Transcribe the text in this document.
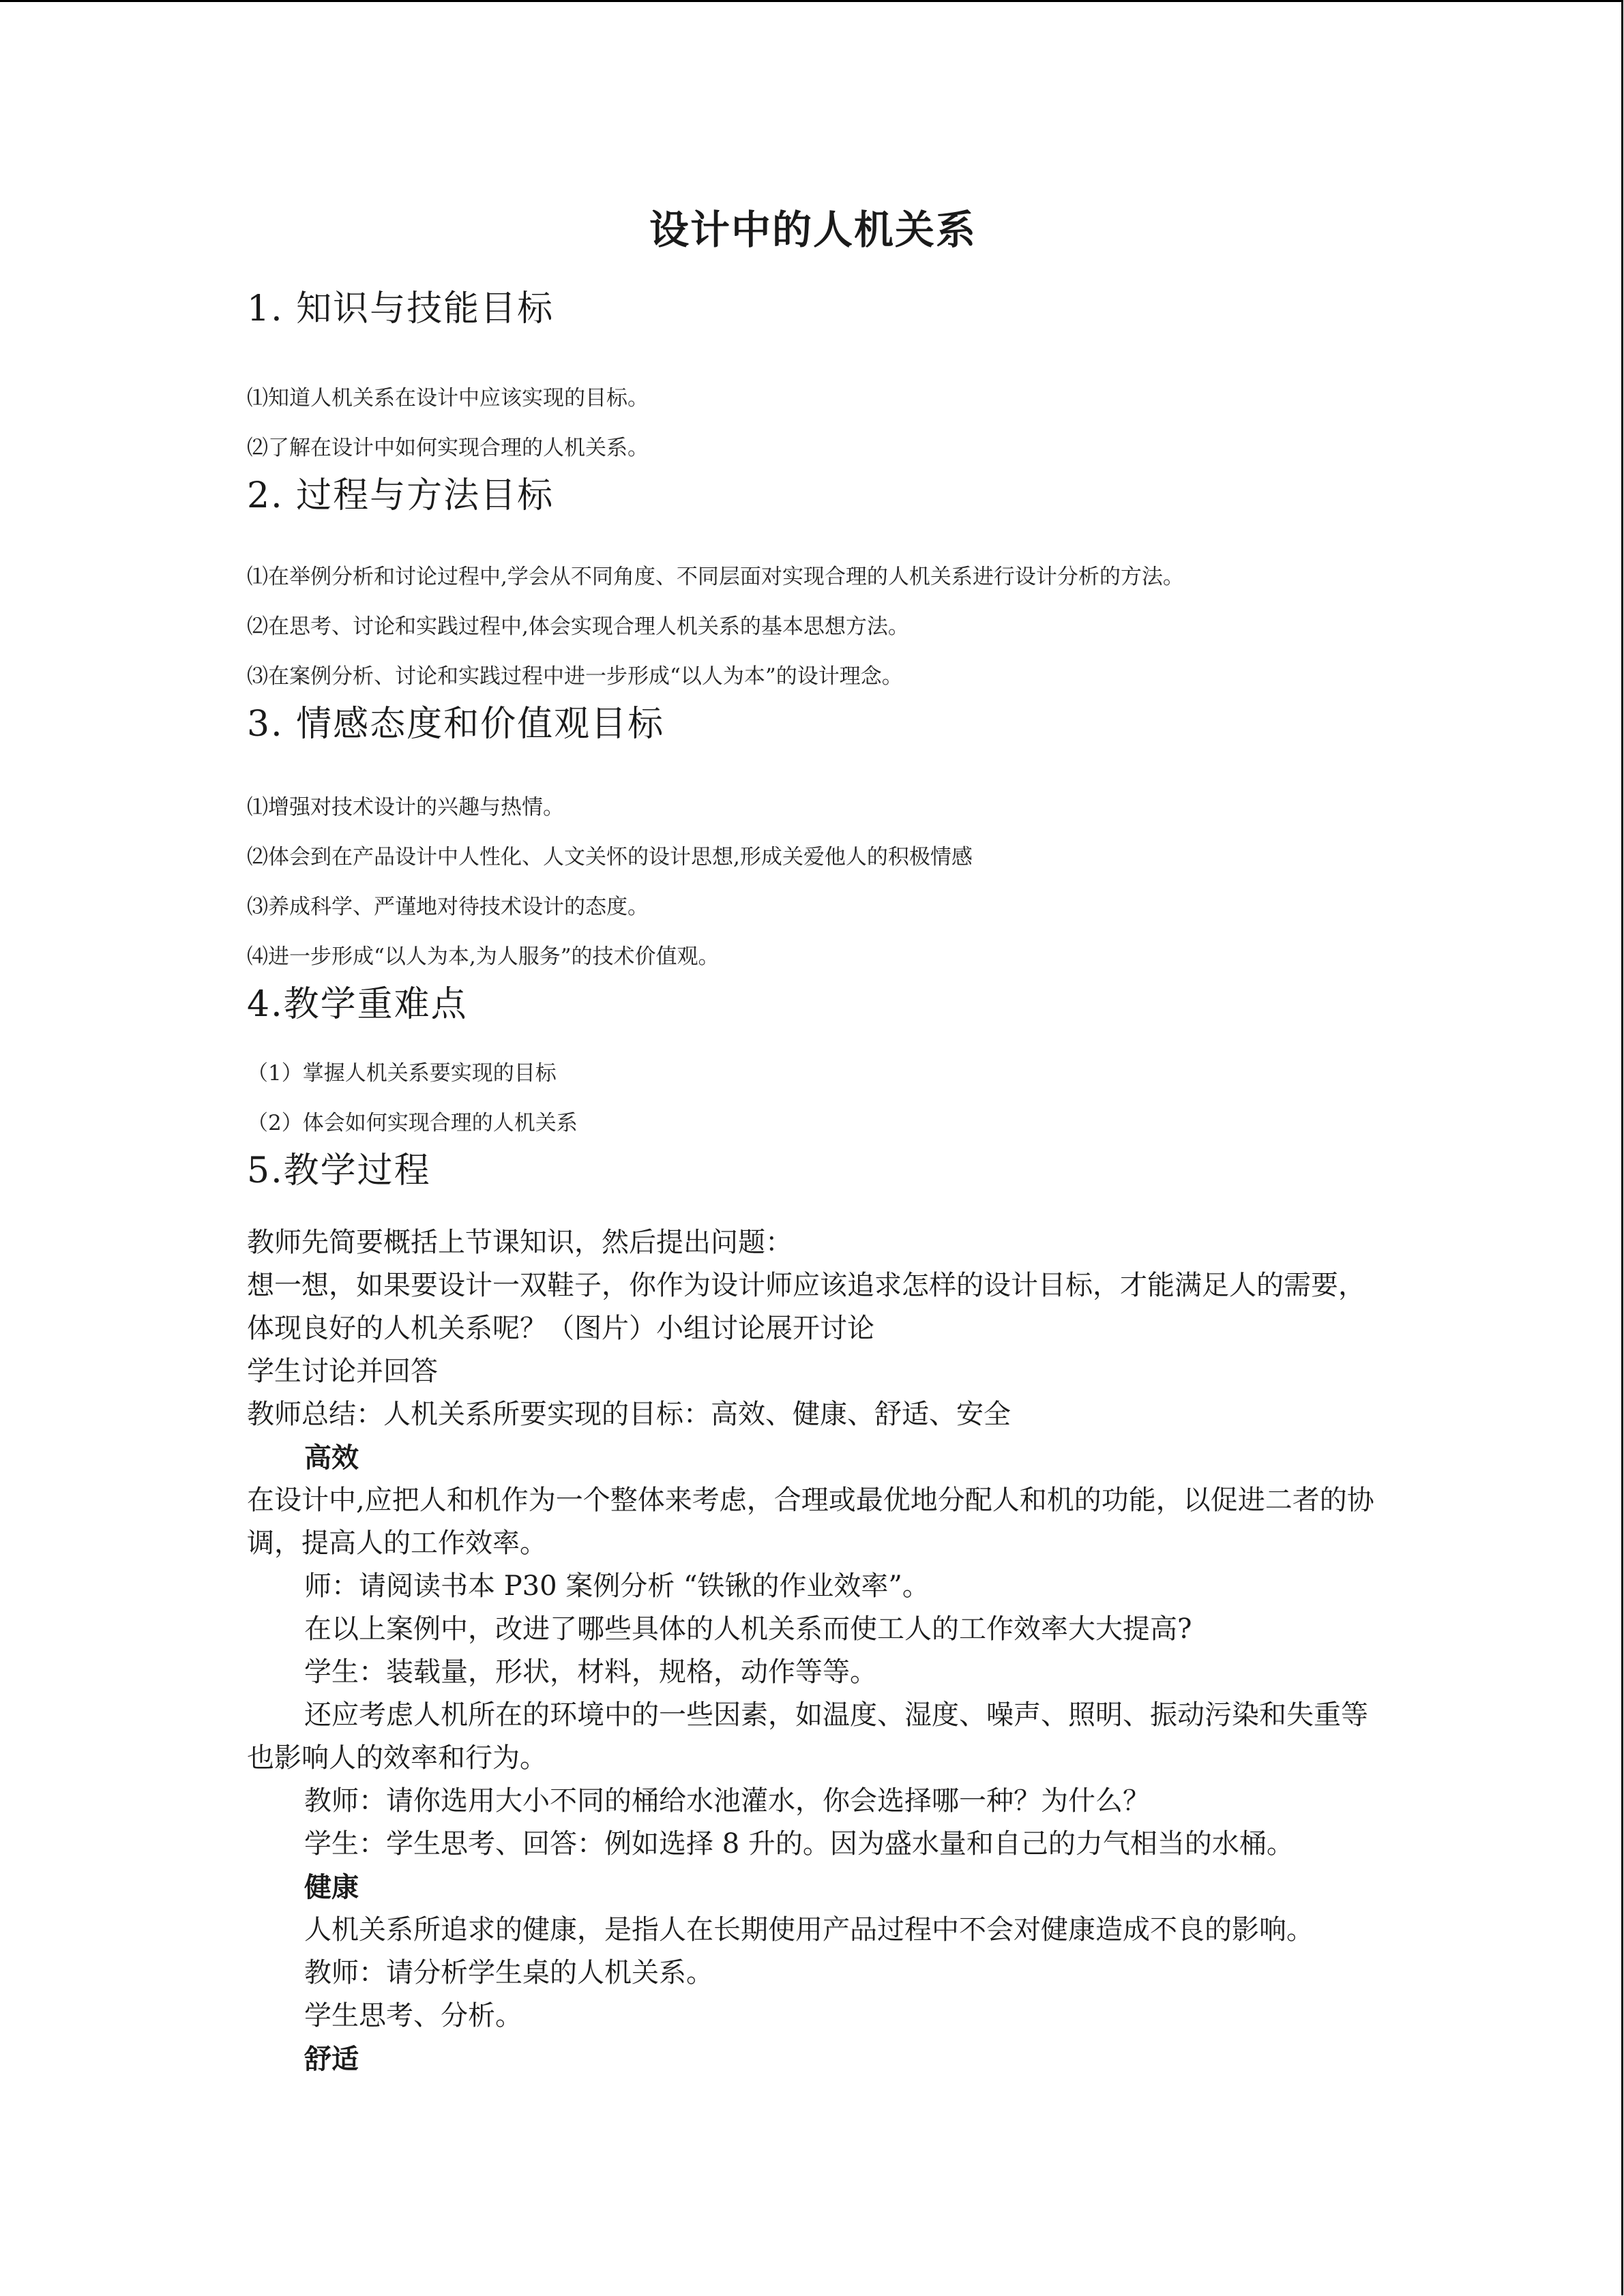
设计中的人机关系
1. 知识与技能目标
⑴知道人机关系在设计中应该实现的目标。
⑵了解在设计中如何实现合理的人机关系。
2. 过程与方法目标
⑴在举例分析和讨论过程中,学会从不同角度、不同层面对实现合理的人机关系进行设计分析的方法。
⑵在思考、讨论和实践过程中,体会实现合理人机关系的基本思想方法。
⑶在案例分析、讨论和实践过程中进一步形成“以人为本”的设计理念。
3. 情感态度和价值观目标
⑴增强对技术设计的兴趣与热情。
⑵体会到在产品设计中人性化、人文关怀的设计思想,形成关爱他人的积极情感
⑶养成科学、严谨地对待技术设计的态度。
⑷进一步形成“以人为本,为人服务”的技术价值观。
4.教学重难点
（1）掌握人机关系要实现的目标
（2）体会如何实现合理的人机关系
5.教学过程

教师先简要概括上节课知识，然后提出问题：

想一想，如果要设计一双鞋子，你作为设计师应该追求怎样的设计目标，才能满足人的需要，体现良好的人机关系呢？（图片）小组讨论展开讨论

学生讨论并回答

教师总结：人机关系所要实现的目标：高效、健康、舒适、安全

高效

在设计中,应把人和机作为一个整体来考虑，合理或最优地分配人和机的功能，以促进二者的协调，提高人的工作效率。

师：请阅读书本 P30 案例分析 “铁锹的作业效率”。

在以上案例中，改进了哪些具体的人机关系而使工人的工作效率大大提高?

学生：装载量，形状，材料，规格，动作等等。

还应考虑人机所在的环境中的一些因素，如温度、湿度、噪声、照明、振动污染和失重等也影响人的效率和行为。

教师：请你选用大小不同的桶给水池灌水，你会选择哪一种？为什么？

学生：学生思考、回答：例如选择 8 升的。因为盛水量和自己的力气相当的水桶。

健康

人机关系所追求的健康，是指人在长期使用产品过程中不会对健康造成不良的影响。

教师：请分析学生桌的人机关系。

学生思考、分析。

舒适
